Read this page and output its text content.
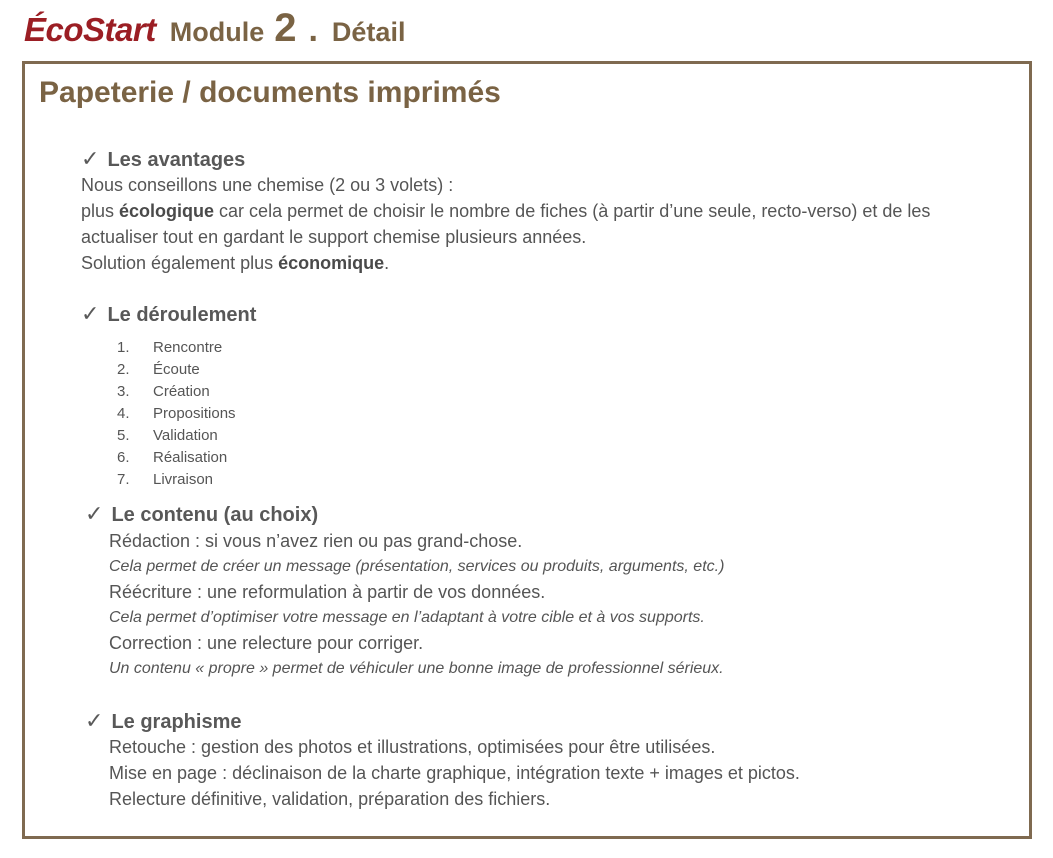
ÉcoStart Module 2 . Détail
Papeterie / documents imprimés
✓ Les avantages
Nous conseillons une chemise (2 ou 3 volets) :
plus écologique car cela permet de choisir le nombre de fiches (à partir d’une seule, recto-verso) et de les actualiser tout en gardant le support chemise plusieurs années.
Solution également plus économique.
✓ Le déroulement
1.	Rencontre
2.	Écoute
3.	Création
4.	Propositions
5.	Validation
6.	Réalisation
7.	Livraison
✓ Le contenu (au choix)
Rédaction : si vous n’avez rien ou pas grand-chose.
Cela permet de créer un message (présentation, services ou produits, arguments, etc.)
Réécriture : une reformulation à partir de vos données.
Cela permet d’optimiser votre message en l’adaptant à votre cible et à vos supports.
Correction : une relecture pour corriger.
Un contenu « propre » permet de véhiculer une bonne image de professionnel sérieux.
✓ Le graphisme
Retouche : gestion des photos et illustrations, optimisées pour être utilisées.
Mise en page : déclinaison de la charte graphique, intégration texte + images et pictos.
Relecture définitive, validation, préparation des fichiers.
